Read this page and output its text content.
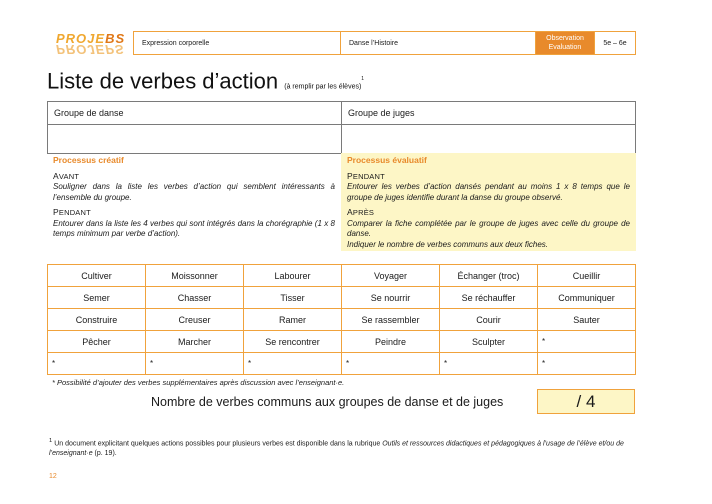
PROJEBS
PROJEPS	Expression corporelle	Danse l’Histoire
Observation
Evaluation
5e – 6e
Liste de verbes d’action (à remplir par les élèves)$^1$
Groupe de danse	Groupe de juges

Processus créatif
AVANT
Souligner dans la liste les verbes d’action qui semblent intéressants à l’ensemble du groupe.
PENDANT
Entourer dans la liste les 4 verbes qui sont intégrés dans la chorégraphie (1 x 8 temps minimum par verbe d’action).
Processus évaluatif
PENDANT
Entourer les verbes d’action dansés pendant au moins 1 x 8 temps que le groupe de juges identifie durant la danse du groupe observé.
APRÈS
Comparer la fiche complétée par le groupe de juges avec celle du groupe de danse.
Indiquer le nombre de verbes communs aux deux fiches.
Cultiver	Moissonner	Labourer	Voyager	Échanger (troc)	Cueillir
Semer	Chasser	Tisser	Se nourrir	Se réchauffer	Communiquer
Construire	Creuser	Ramer	Se rassembler	Courir	Sauter
Pêcher	Marcher	Se rencontrer	Peindre	Sculpter	*
*	*	*	*	*	*
* Possibilité d’ajouter des verbes supplémentaires après discussion avec l’enseignant·e.
Nombre de verbes communs aux groupes de danse et de juges	/ 4
$^1$ Un document explicitant quelques actions possibles pour plusieurs verbes est disponible dans la rubrique Outils et ressources didactiques et pédagogiques à l’usage de l’élève et/ou de l’enseignant·e (p. 19).
12
